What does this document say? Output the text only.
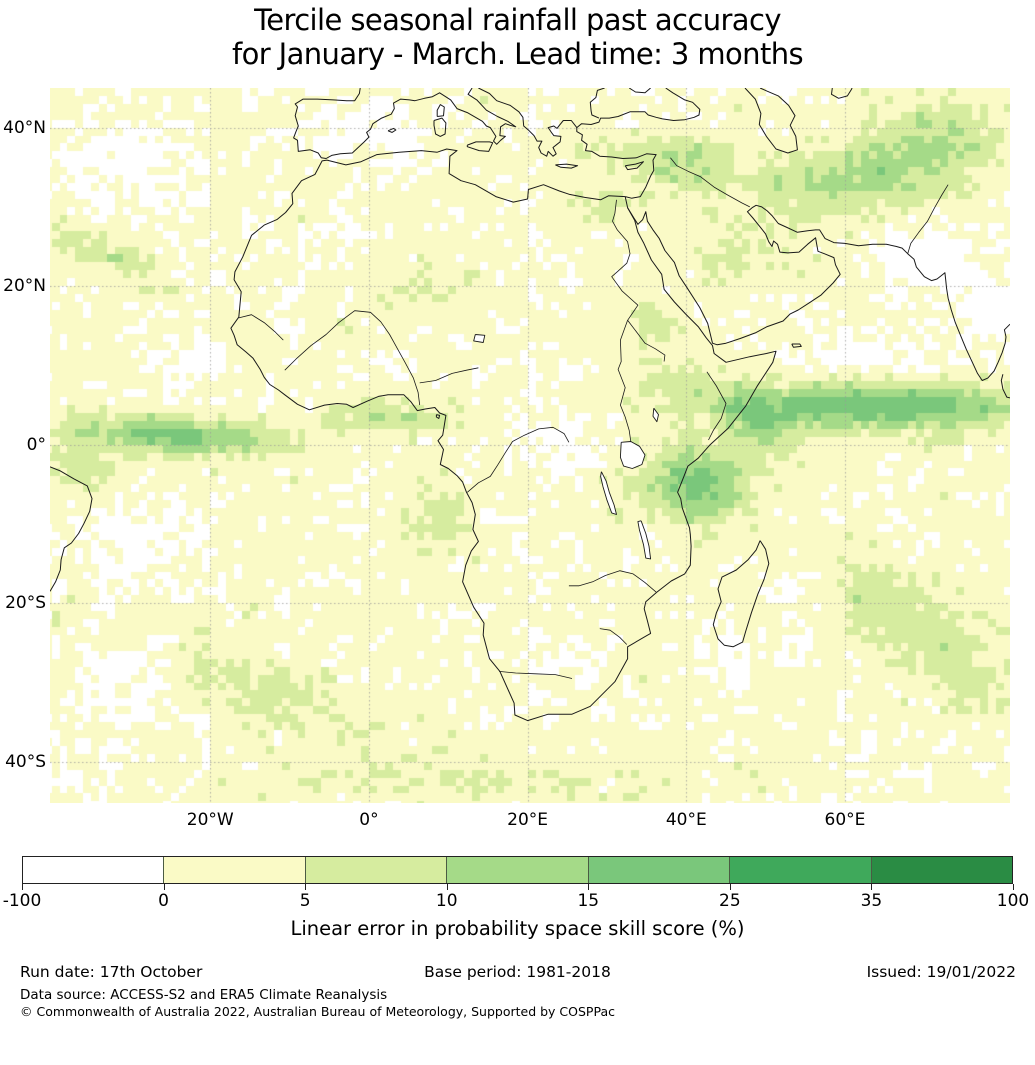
Tercile seasonal rainfall past accuracy
for January - March. Lead time: 3 months
40°N
20°N
0°
20°S
40°S
20°W	0°	20°E	40°E	60°E
-100	0	5	10	15	25	35	100
Linear error in probability space skill score (%)
Run date: 17th October	Base period: 1981-2018	Issued: 19/01/2022
Data source: ACCESS-S2 and ERA5 Climate Reanalysis
© Commonwealth of Australia 2022, Australian Bureau of Meteorology, Supported by COSPPac
